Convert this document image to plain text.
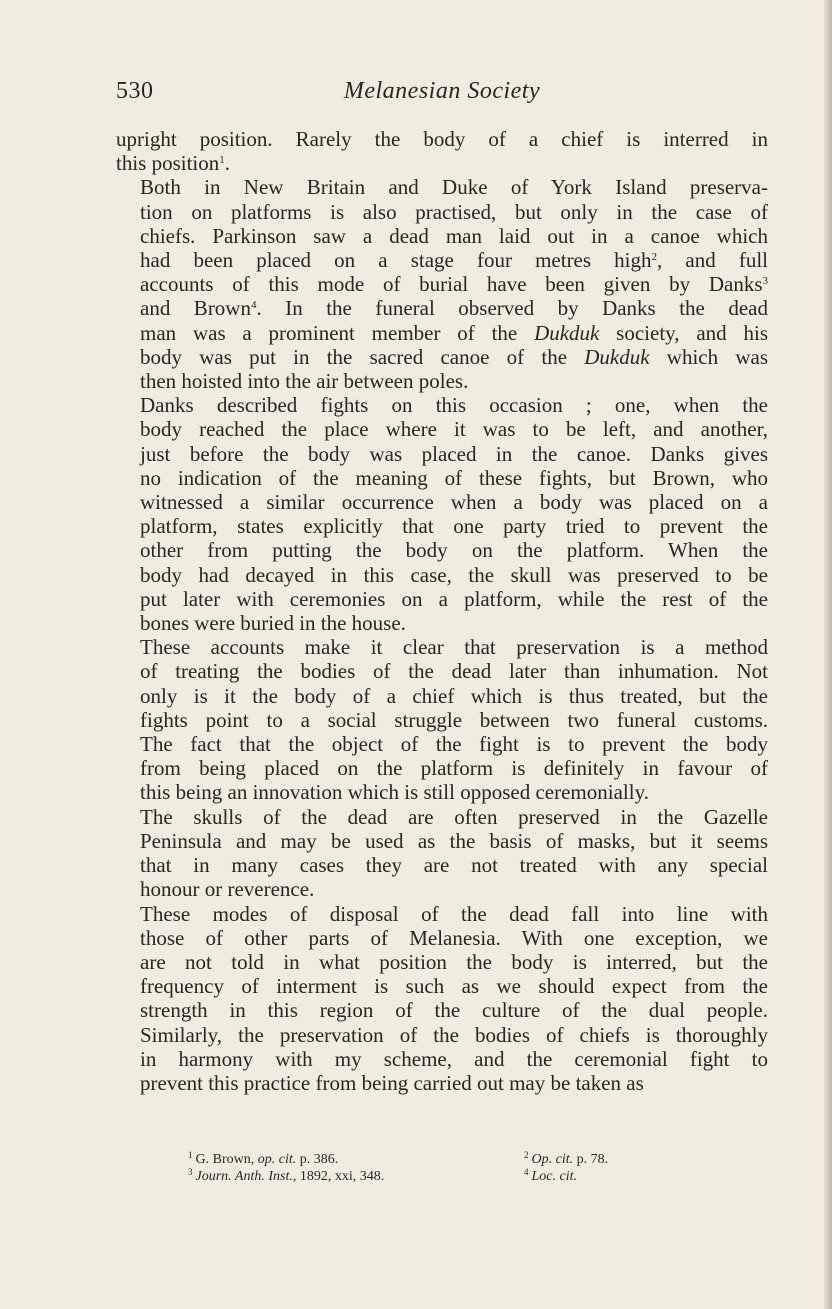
530	Melanesian Society

upright position. Rarely the body of a chief is interred in
this position$^1$.

Both in New Britain and Duke of York Island preserva-
tion on platforms is also practised, but only in the case of
chiefs. Parkinson saw a dead man laid out in a canoe which
had been placed on a stage four metres high$^2$, and full
accounts of this mode of burial have been given by Danks$^3$
and Brown$^4$. In the funeral observed by Danks the dead
man was a prominent member of the Dukduk society, and his
body was put in the sacred canoe of the Dukduk which was
then hoisted into the air between poles.

Danks described fights on this occasion ; one, when the
body reached the place where it was to be left, and another,
just before the body was placed in the canoe. Danks gives
no indication of the meaning of these fights, but Brown, who
witnessed a similar occurrence when a body was placed on a
platform, states explicitly that one party tried to prevent the
other from putting the body on the platform. When the
body had decayed in this case, the skull was preserved to be
put later with ceremonies on a platform, while the rest of the
bones were buried in the house.

These accounts make it clear that preservation is a method
of treating the bodies of the dead later than inhumation. Not
only is it the body of a chief which is thus treated, but the
fights point to a social struggle between two funeral customs.
The fact that the object of the fight is to prevent the body
from being placed on the platform is definitely in favour of
this being an innovation which is still opposed ceremonially.

The skulls of the dead are often preserved in the Gazelle
Peninsula and may be used as the basis of masks, but it seems
that in many cases they are not treated with any special
honour or reverence.

These modes of disposal of the dead fall into line with
those of other parts of Melanesia. With one exception, we
are not told in what position the body is interred, but the
frequency of interment is such as we should expect from the
strength in this region of the culture of the dual people.
Similarly, the preservation of the bodies of chiefs is thoroughly
in harmony with my scheme, and the ceremonial fight to
prevent this practice from being carried out may be taken as

$^1$ G. Brown, op. cit. p. 386.	$^2$ Op. cit. p. 78.
$^3$ Journ. Anth. Inst., 1892, xxi, 348.	$^4$ Loc. cit.
